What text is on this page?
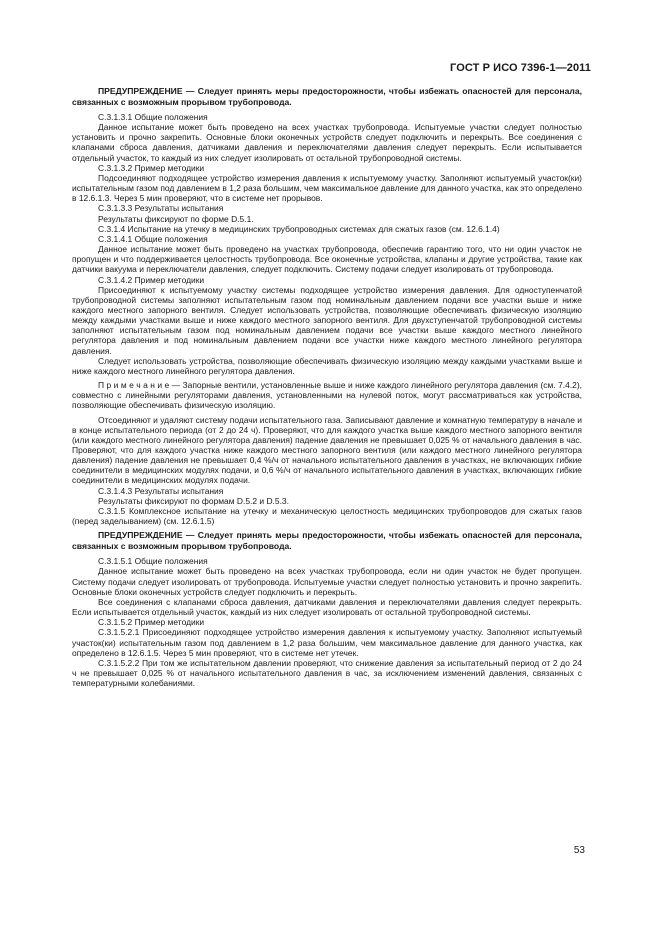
ГОСТ Р ИСО 7396-1—2011

ПРЕДУПРЕЖДЕНИЕ — Следует принять меры предосторожности, чтобы избежать опасностей для персонала, связанных с возможным прорывом трубопровода.

С.3.1.3.1 Общие положения

Данное испытание может быть проведено на всех участках трубопровода. Испытуемые участки следует полностью установить и прочно закрепить. Основные блоки оконечных устройств следует подключить и перекрыть. Все соединения с клапанами сброса давления, датчиками давления и переключателями давления следует перекрыть. Если испытывается отдельный участок, то каждый из них следует изолировать от остальной трубопроводной системы.

С.3.1.3.2 Пример методики

Подсоединяют подходящее устройство измерения давления к испытуемому участку. Заполняют испытуемый участок(ки) испытательным газом под давлением в 1,2 раза большим, чем максимальное давление для данного участка, как это определено в 12.6.1.3. Через 5 мин проверяют, что в системе нет прорывов.

С.3.1.3.3 Результаты испытания

Результаты фиксируют по форме D.5.1.

С.3.1.4 Испытание на утечку в медицинских трубопроводных системах для сжатых газов (см. 12.6.1.4)

С.3.1.4.1 Общие положения

Данное испытание может быть проведено на участках трубопровода, обеспечив гарантию того, что ни один участок не пропущен и что поддерживается целостность трубопровода. Все оконечные устройства, клапаны и другие устройства, такие как датчики вакуума и переключатели давления, следует подключить. Систему подачи следует изолировать от трубопровода.

С.3.1.4.2 Пример методики

Присоединяют к испытуемому участку системы подходящее устройство измерения давления. Для одноступенчатой трубопроводной системы заполняют испытательным газом под номинальным давлением подачи все участки выше и ниже каждого местного запорного вентиля. Следует использовать устройства, позволяющие обеспечивать физическую изоляцию между каждыми участками выше и ниже каждого местного запорного вентиля. Для двухступенчатой трубопроводной системы заполняют испытательным газом под номинальным давлением подачи все участки выше каждого местного линейного регулятора давления и под номинальным давлением подачи все участки ниже каждого местного линейного регулятора давления.

Следует использовать устройства, позволяющие обеспечивать физическую изоляцию между каждыми участками выше и ниже каждого местного линейного регулятора давления.

П р и м е ч а н и е — Запорные вентили, установленные выше и ниже каждого линейного регулятора давления (см. 7.4.2), совместно с линейными регуляторами давления, установленными на нулевой поток, могут рассматриваться как устройства, позволяющие обеспечивать физическую изоляцию.

Отсоединяют и удаляют систему подачи испытательного газа. Записывают давление и комнатную температуру в начале и в конце испытательного периода (от 2 до 24 ч). Проверяют, что для каждого участка выше каждого местного запорного вентиля (или каждого местного линейного регулятора давления) падение давления не превышает 0,025 % от начального давления в час. Проверяют, что для каждого участка ниже каждого местного запорного вентиля (или каждого местного линейного регулятора давления) падение давления не превышает 0,4 %/ч от начального испытательного давления в участках, не включающих гибкие соединители в медицинских модулях подачи, и 0,6 %/ч от начального испытательного давления в участках, включающих гибкие соединители в медицинских модулях подачи.

С.3.1.4.3 Результаты испытания

Результаты фиксируют по формам D.5.2 и D.5.3.

С.3.1.5 Комплексное испытание на утечку и механическую целостность медицинских трубопроводов для сжатых газов (перед заделыванием) (см. 12.6.1.5)

ПРЕДУПРЕЖДЕНИЕ — Следует принять меры предосторожности, чтобы избежать опасностей для персонала, связанных с возможным прорывом трубопровода.

С.3.1.5.1 Общие положения

Данное испытание может быть проведено на всех участках трубопровода, если ни один участок не будет пропущен. Систему подачи следует изолировать от трубопровода. Испытуемые участки следует полностью установить и прочно закрепить. Основные блоки оконечных устройств следует подключить и перекрыть.

Все соединения с клапанами сброса давления, датчиками давления и переключателями давления следует перекрыть. Если испытывается отдельный участок, каждый из них следует изолировать от остальной трубопроводной системы.

С.3.1.5.2 Пример методики

С.3.1.5.2.1 Присоединяют подходящее устройство измерения давления к испытуемому участку. Заполняют испытуемый участок(ки) испытательным газом под давлением в 1,2 раза большим, чем максимальное давление для данного участка, как определено в 12.6.1.5. Через 5 мин проверяют, что в системе нет утечек.

С.3.1.5.2.2 При том же испытательном давлении проверяют, что снижение давления за испытательный период от 2 до 24 ч не превышает 0,025 % от начального испытательного давления в час, за исключением изменений давления, связанных с температурными колебаниями.

53
